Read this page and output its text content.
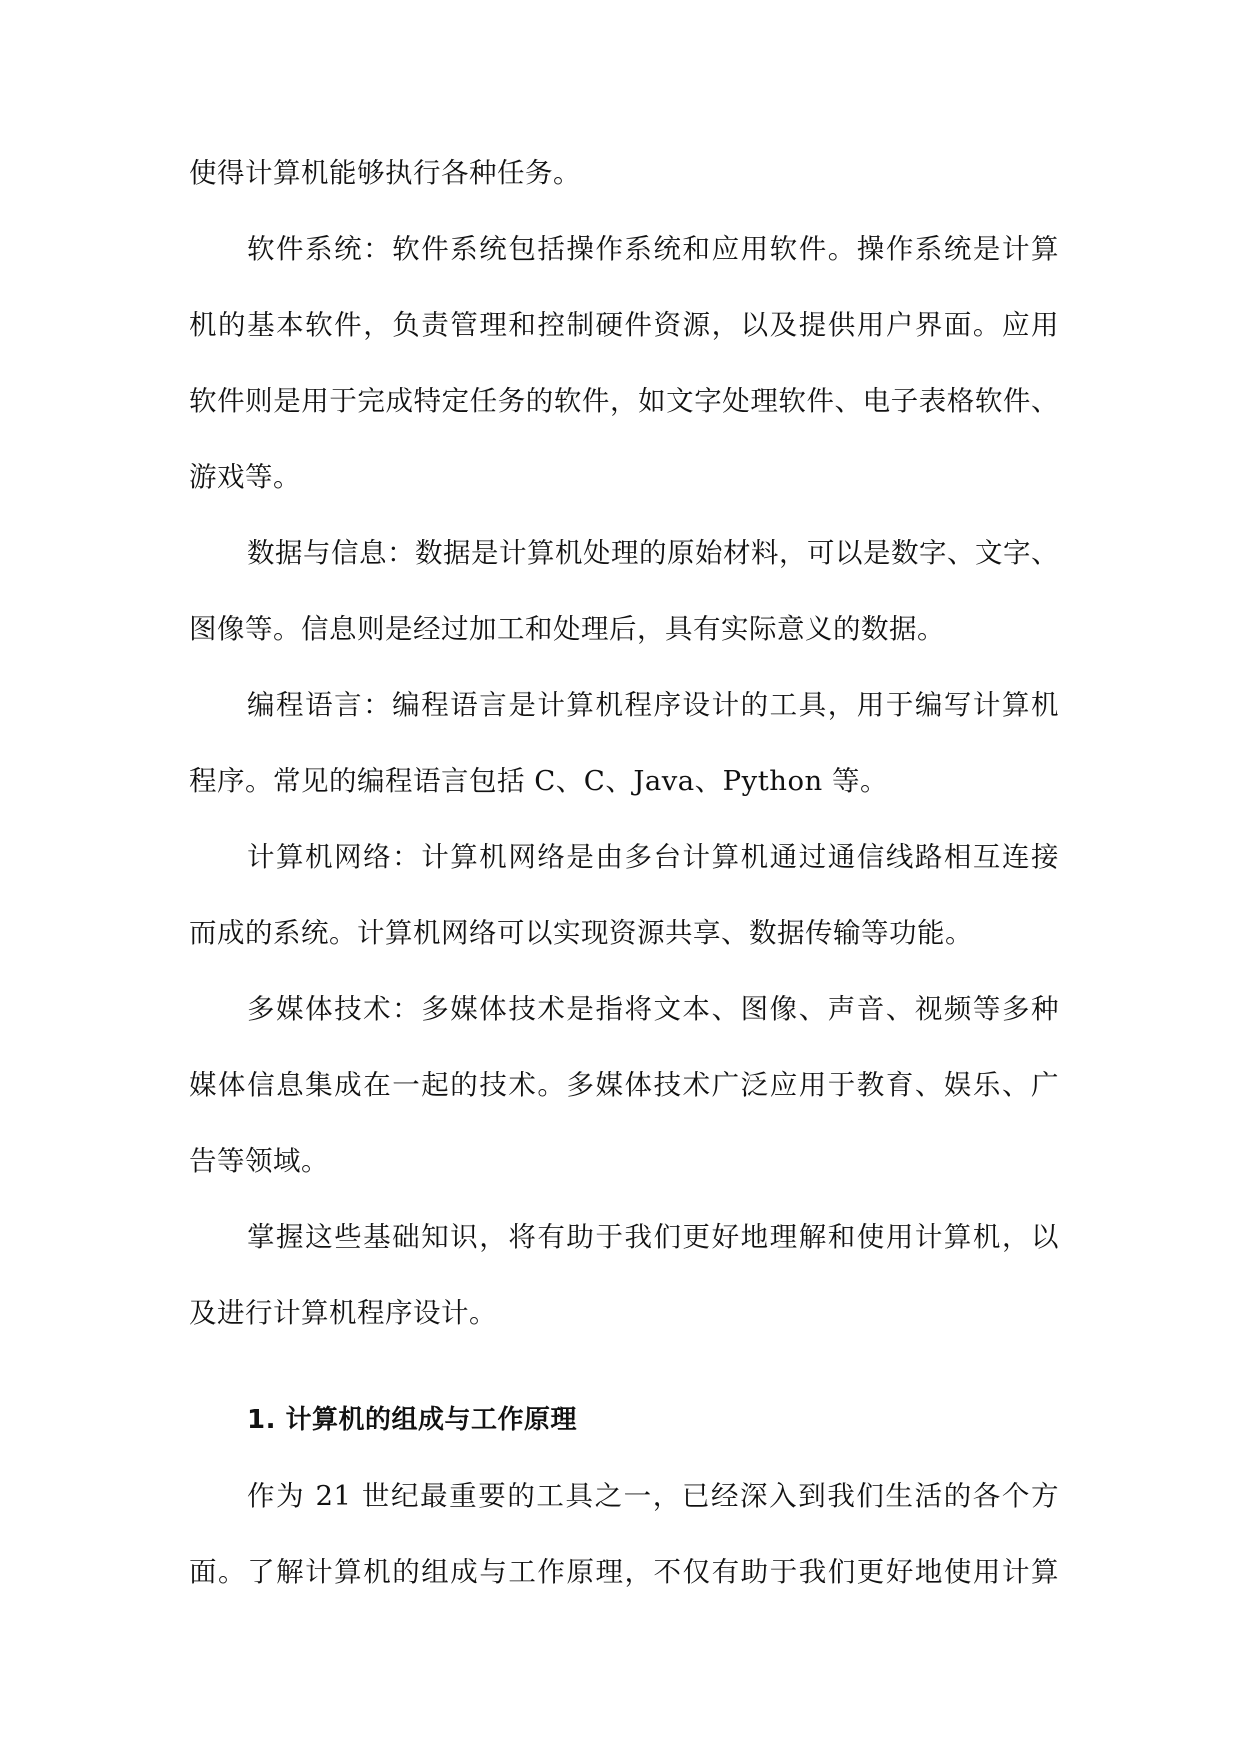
使得计算机能够执行各种任务。
软件系统：软件系统包括操作系统和应用软件。操作系统是计算
机的基本软件，负责管理和控制硬件资源，以及提供用户界面。应用
软件则是用于完成特定任务的软件，如文字处理软件、电子表格软件、
游戏等。
数据与信息：数据是计算机处理的原始材料，可以是数字、文字、
图像等。信息则是经过加工和处理后，具有实际意义的数据。
编程语言：编程语言是计算机程序设计的工具，用于编写计算机
程序。常见的编程语言包括 C、C、Java、Python 等。
计算机网络：计算机网络是由多台计算机通过通信线路相互连接
而成的系统。计算机网络可以实现资源共享、数据传输等功能。
多媒体技术：多媒体技术是指将文本、图像、声音、视频等多种
媒体信息集成在一起的技术。多媒体技术广泛应用于教育、娱乐、广
告等领域。
掌握这些基础知识，将有助于我们更好地理解和使用计算机，以
及进行计算机程序设计。
1. 计算机的组成与工作原理
作为 21 世纪最重要的工具之一，已经深入到我们生活的各个方
面。了解计算机的组成与工作原理，不仅有助于我们更好地使用计算
